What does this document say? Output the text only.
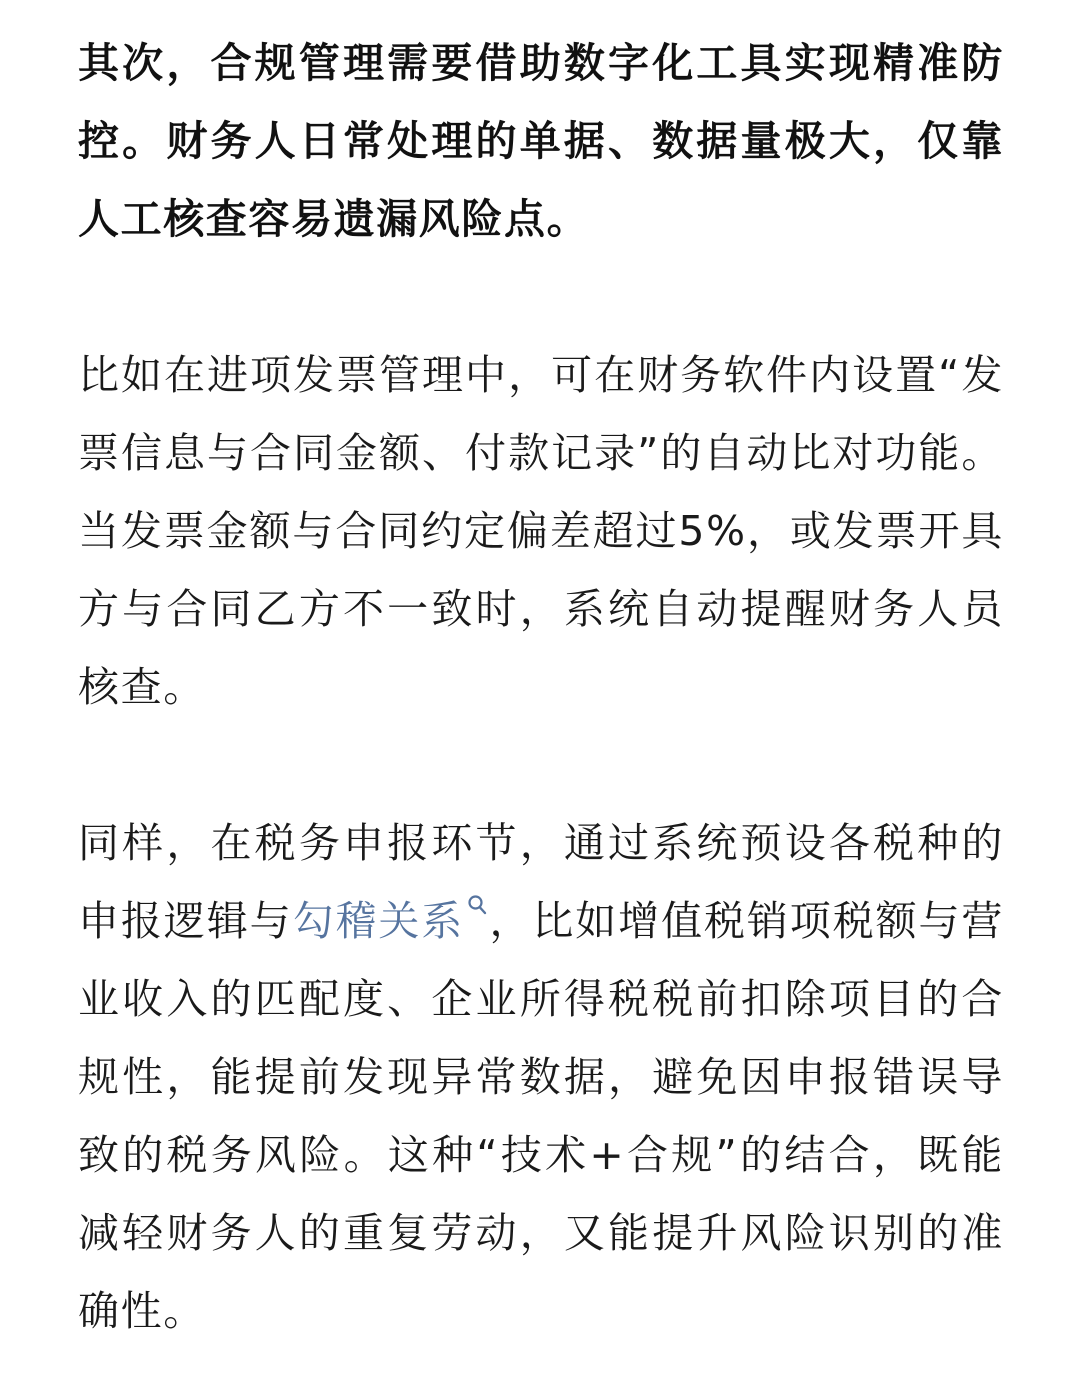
其次，合规管理需要借助数字化工具实现精准防控。财务人日常处理的单据、数据量极大，仅靠人工核查容易遗漏风险点。

比如在进项发票管理中，可在财务软件内设置“发票信息与合同金额、付款记录”的自动比对功能。当发票金额与合同约定偏差超过5%，或发票开具方与合同乙方不一致时，系统自动提醒财务人员核查。

同样，在税务申报环节，通过系统预设各税种的申报逻辑与勾稽关系 ，比如增值税销项税额与营业收入的匹配度、企业所得税税前扣除项目的合规性，能提前发现异常数据，避免因申报错误导致的税务风险。这种“技术+合规”的结合，既能减轻财务人的重复劳动，又能提升风险识别的准确性。
